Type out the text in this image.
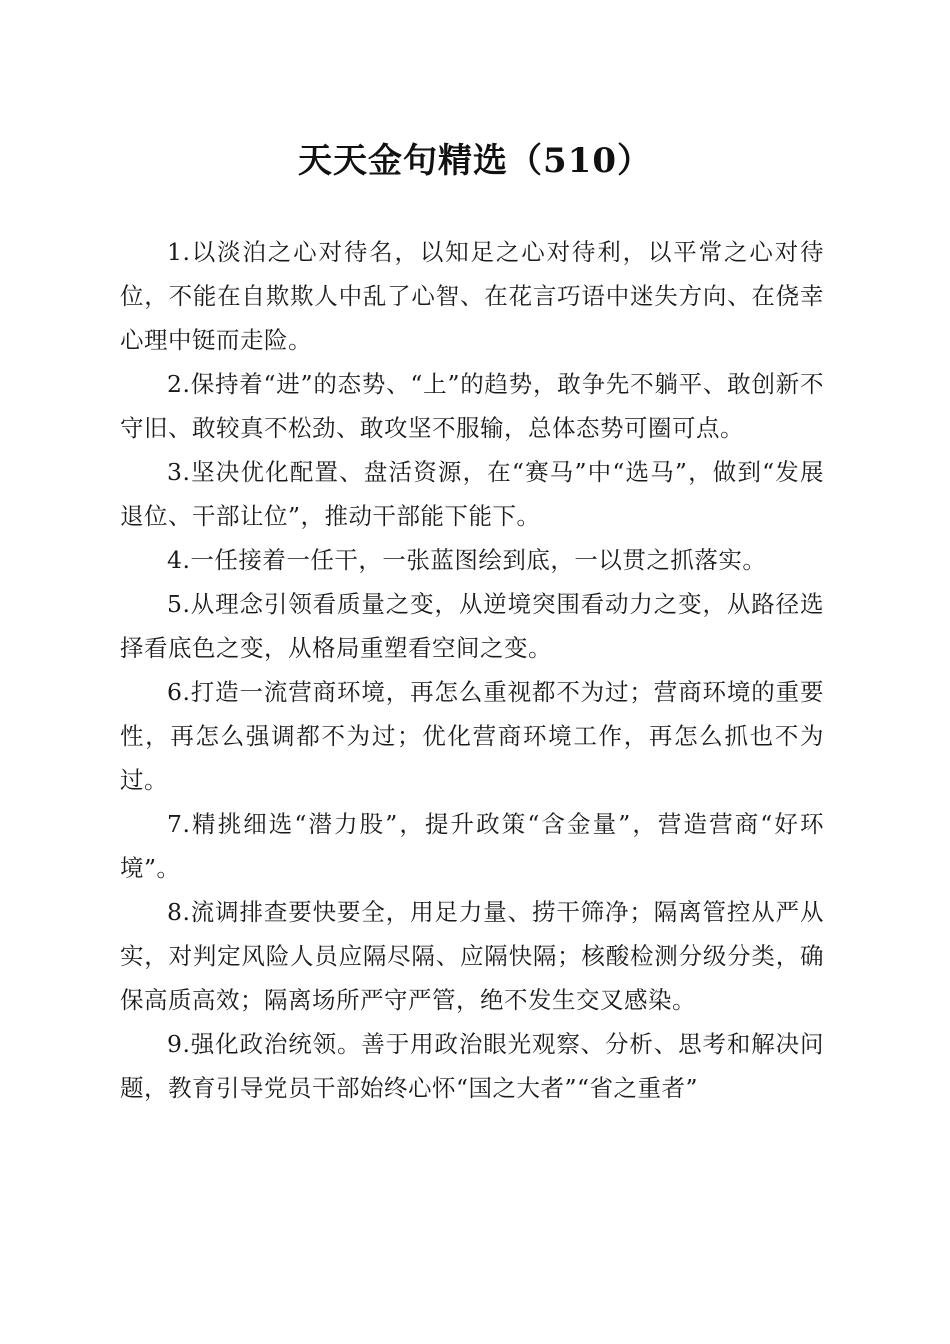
天天金句精选（510）

1.以淡泊之心对待名，以知足之心对待利，以平常之心对待位，不能在自欺欺人中乱了心智、在花言巧语中迷失方向、在侥幸心理中铤而走险。

2.保持着“进”的态势、“上”的趋势，敢争先不躺平、敢创新不守旧、敢较真不松劲、敢攻坚不服输，总体态势可圈可点。

3.坚决优化配置、盘活资源，在“赛马”中“选马”，做到“发展退位、干部让位”，推动干部能下能下。

4.一任接着一任干，一张蓝图绘到底，一以贯之抓落实。

5.从理念引领看质量之变，从逆境突围看动力之变，从路径选择看底色之变，从格局重塑看空间之变。

6.打造一流营商环境，再怎么重视都不为过；营商环境的重要性，再怎么强调都不为过；优化营商环境工作，再怎么抓也不为过。

7.精挑细选“潜力股”，提升政策“含金量”，营造营商“好环境”。

8.流调排查要快要全，用足力量、捞干筛净；隔离管控从严从实，对判定风险人员应隔尽隔、应隔快隔；核酸检测分级分类，确保高质高效；隔离场所严守严管，绝不发生交叉感染。

9.强化政治统领。善于用政治眼光观察、分析、思考和解决问题，教育引导党员干部始终心怀“国之大者”“省之重者”
